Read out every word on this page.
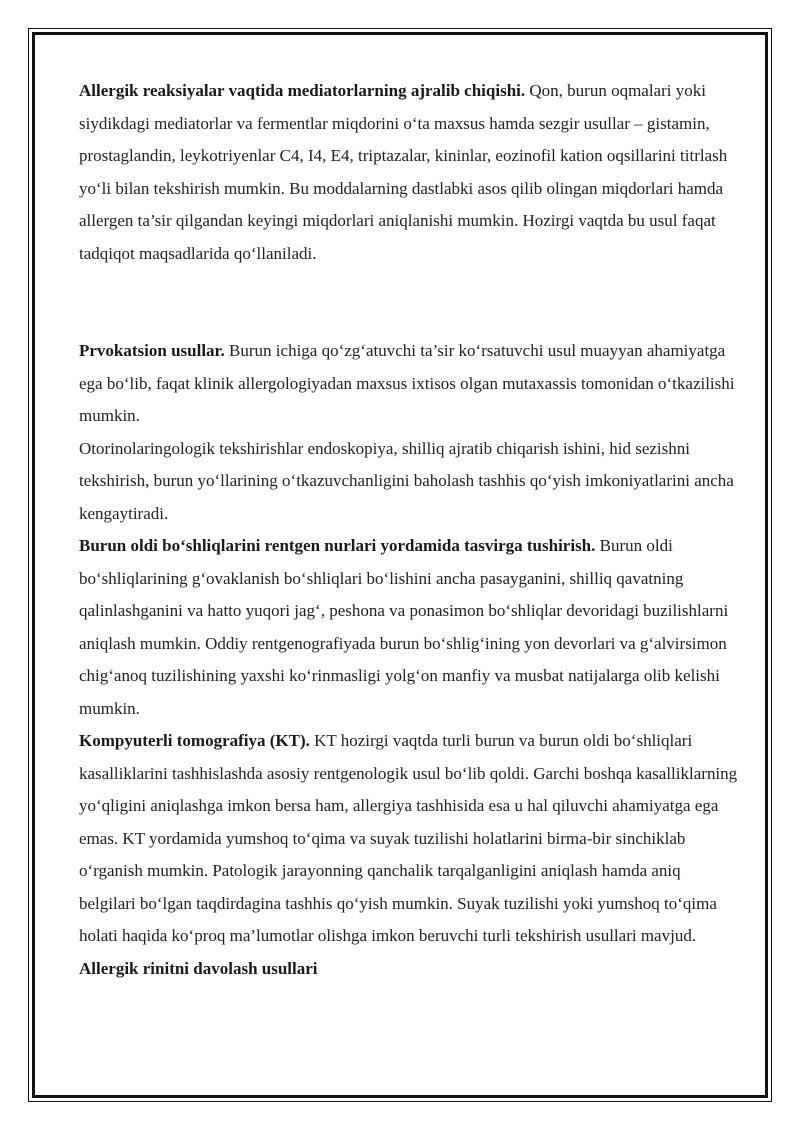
Allergik reaksiyalar vaqtida mediatorlarning ajralib chiqishi. Qon, burun oqmalari yoki siydikdagi mediatorlar va fermentlar miqdorini o‘ta maxsus hamda sezgir usullar – gistamin, prostaglandin, leykotriyenlar C4, I4, E4, triptazalar, kininlar, eozinofil kation oqsillarini titrlash yo‘li bilan tekshirish mumkin. Bu moddalarning dastlabki asos qilib olingan miqdorlari hamda allergen ta’sir qilgandan keyingi miqdorlari aniqlanishi mumkin. Hozirgi vaqtda bu usul faqat tadqiqot maqsadlarida qo‘llaniladi.

Prvokatsion usullar. Burun ichiga qo‘zg‘atuvchi ta’sir ko‘rsatuvchi usul muayyan ahamiyatga ega bo‘lib, faqat klinik allergologiyadan maxsus ixtisos olgan mutaxassis tomonidan o‘tkazilishi mumkin.

Otorinolaringologik tekshirishlar endoskopiya, shilliq ajratib chiqarish ishini, hid sezishni tekshirish, burun yo‘llarining o‘tkazuvchanligini baholash tashhis qo‘yish imkoniyatlarini ancha kengaytiradi.

Burun oldi bo‘shliqlarini rentgen nurlari yordamida tasvirga tushirish. Burun oldi bo‘shliqlarining g‘ovaklanish bo‘shliqlari bo‘lishini ancha pasayganini, shilliq qavatning qalinlashganini va hatto yuqori jag‘, peshona va ponasimon bo‘shliqlar devoridagi buzilishlarni aniqlash mumkin. Oddiy rentgenografiyada burun bo‘shlig‘ining yon devorlari va g‘alvirsimon chig‘anoq tuzilishining yaxshi ko‘rinmasligi yolg‘on manfiy va musbat natijalarga olib kelishi mumkin.

Kompyuterli tomografiya (KT). KT hozirgi vaqtda turli burun va burun oldi bo‘shliqlari kasalliklarini tashhislashda asosiy rentgenologik usul bo‘lib qoldi. Garchi boshqa kasalliklarning yo‘qligini aniqlashga imkon bersa ham, allergiya tashhisida esa u hal qiluvchi ahamiyatga ega emas. KT yordamida yumshoq to‘qima va suyak tuzilishi holatlarini birma-bir sinchiklab o‘rganish mumkin. Patologik jarayonning qanchalik tarqalganligini aniqlash hamda aniq belgilari bo‘lgan taqdirdagina tashhis qo‘yish mumkin. Suyak tuzilishi yoki yumshoq to‘qima holati haqida ko‘proq ma’lumotlar olishga imkon beruvchi turli tekshirish usullari mavjud.

Allergik rinitni davolash usullari
